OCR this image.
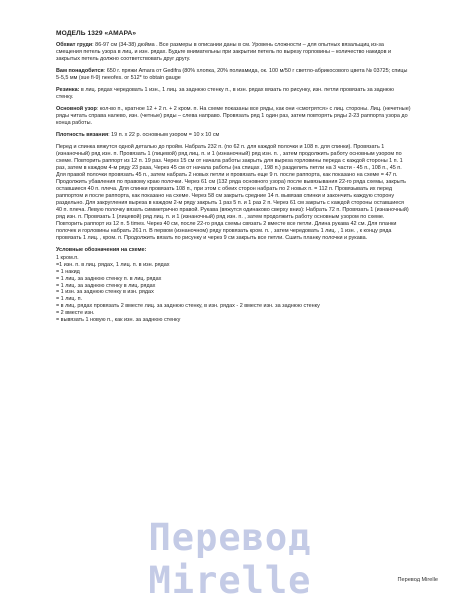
МОДЕЛЬ 1329 «АМАРА»

Обхват груди: 86-97 см (34-38) дюйма . Все размеры в описании даны в см. Уровень сложности – для опытных вязальщиц из-за смещения петель узора в лиц. и изн. рядах. Будьте внимательны при закрытии петель по вырезу горловины – количество накидов и закрытых петель должно соответствовать друг другу.

Вам понадобится: 650 г. пряжи Amara от Gedifra (80% хлопка, 20% полиамида, ок. 100 м/50 г светло-абрикосового цвета № 03725; спицы 5-5,5 мм (sue fi-9) neeofes. or 512* to obtain gauge

Резинка: в лиц. рядах чередовать 1 изн., 1 лиц. за заднюю стенку п., в изн. рядах вязать по рисунку, изн. петли провязать за заднюю стенку.

Основной узор: кол-во п., кратное 12 + 2 п. + 2 кром. п. На схеме показаны все ряды, как они «смотрятся» с лиц. стороны. Лиц. (нечетные) ряды читать справа налево, изн. (четные) ряды – слева направо. Провязать ряд 1 один раз, затем повторять ряды 2-23 раппорта узора до конца работы.

Плотность вязания: 19 п. х 22 р. основным узором = 10 х 10 см

Перед и спинка вяжутся одной деталью до пройм. Набрать 232 п. (по 62 п. для каждой полочки и 108 п. для спинки). Провязать 1 (изнаночный) ряд изн. п. Провязать 1 (лицевой) ряд лиц. п. и 1 (изнаночный) ряд изн. п. , затем продолжить работу основным узором по схеме. Повторить раппорт из 12 п. 19 раз. Через 15 см от начала работы закрыть для выреза горловины переда с каждой стороны 1 п. 1 раз, затем в каждом 4-м ряду 23 раза, Через 45 см от начала работы (на спицах , 198 п.) разделить петли на 3 части - 45 п., 108 п., 45 п. Для правой полочки провязать 45 п., затем набрать 2 новых петли и провязать еще 9 п. после раппорта, как показано на схеме = 47 п. Продолжить убавления по правому краю полочки. Через 61 см (132 ряда основного узора) после вывязывания 22-го ряда схемы, закрыть оставшиеся 40 п. плеча. Для спинки провязать 108 п., при этом с обеих сторон набрать по 2 новых п. = 112 п. Провязывать их перед раппортом и после раппорта, как показано на схеме. Через 58 см закрыть средние 14 п. вывязав спинки и закончить каждую сторону раздельно. Для закругления выреза в каждом 2-м ряду закрыть 1 раз 5 п. и 1 раз 2 п. Через 61 см закрыть с каждой стороны оставшиеся 40 п. плеча. Левую полочку вязать симметрично правой. Рукава (вяжутся одинаково сверху вниз): Набрать 72 п. Провязать 1 (изнаночный) ряд изн. п. Провязать 1 (лицевой) ряд лиц. п. и 1 (изнаночный) ряд изн. п. , затем продолжить работу основным узором по схеме. Повторить раппорт из 12 п. 5 times. Через 40 см, после 22-го ряда схемы связать 2 вместе все петли. Длина рукава 42 см. Для планки полочек и горловины набрать 261 п. В первом (изнаночном) ряду провязать кром. п. , затем чередовать 1 лиц. , 1 изн. , к концу ряда провязать 1 лиц. , кром. п. Продолжить вязать по рисунку и через 9 см закрыть все петли. Сшить планку полочки и рукава.

Условные обозначения на схеме:

1 кром.п.

=1 изн. п. в лиц. рядах, 1 лиц. п. в изн. рядах

= 1 накид

= 1 лиц. за заднюю стенку п. в лиц. рядах

= 1 лиц. за заднюю стенку в лиц. рядах

= 1 изн. за заднюю стенку в изн. рядах

= 1 лиц. п.

= в лиц. рядах провязать 2 вместе лиц. за заднюю стенку, в изн. рядах - 2 вместе изн. за заднюю стенку

= 2 вместе изн.

= вывязать 1 новую п., как изн. за заднюю стенку

Перевод Mirelle	Перевод Mirelle
